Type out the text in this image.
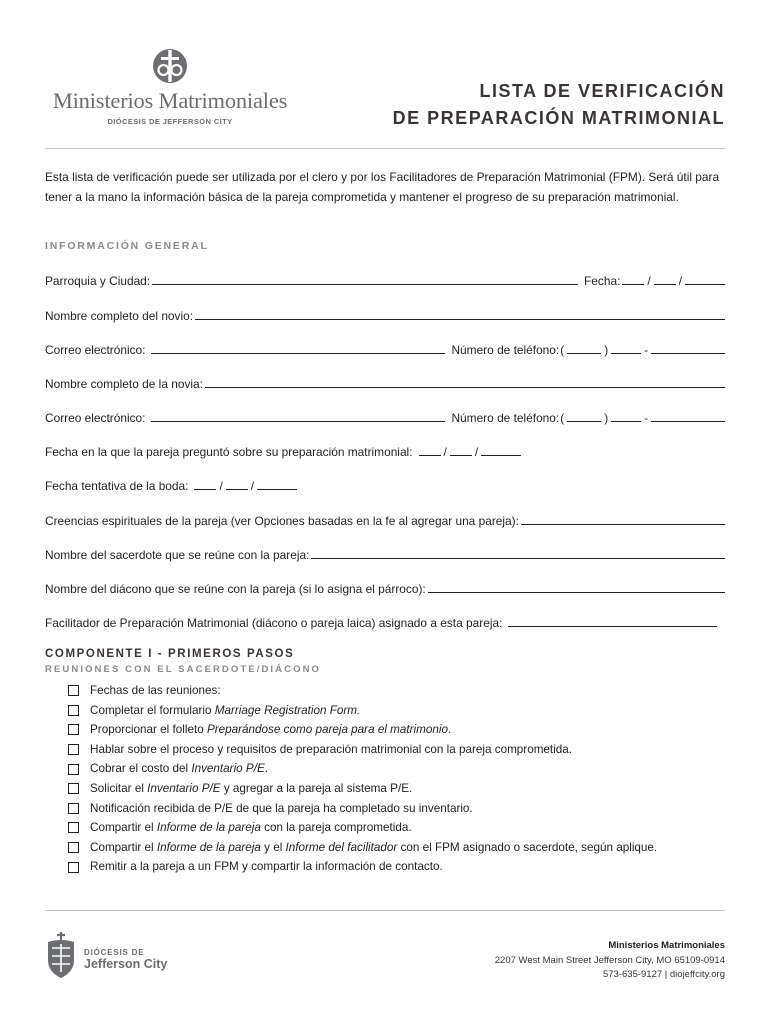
Ministerios Matrimoniales
DIÓCESIS DE JEFFERSON CITY
LISTA DE VERIFICACIÓN
DE PREPARACIÓN MATRIMONIAL
Esta lista de verificación puede ser utilizada por el clero y por los Facilitadores de Preparación Matrimonial (FPM). Será útil para tener a la mano la información básica de la pareja comprometida y mantener el progreso de su preparación matrimonial.
INFORMACIÓN GENERAL
Parroquia y Ciudad:	Fecha: / /
Nombre completo del novio:
Correo electrónico:	Número de teléfono: (	)	-
Nombre completo de la novia:
Correo electrónico:	Número de teléfono: (	)	-
Fecha en la que la pareja preguntó sobre su preparación matrimonial:	/ /
Fecha tentativa de la boda:	/ /
Creencias espirituales de la pareja (ver Opciones basadas en la fe al agregar una pareja):
Nombre del sacerdote que se reúne con la pareja:
Nombre del diácono que se reúne con la pareja (si lo asigna el párroco):
Facilitador de Preparación Matrimonial (diácono o pareja laica) asignado a esta pareja:
COMPONENTE I - PRIMEROS PASOS
REUNIONES CON EL SACERDOTE/DIÁCONO
Fechas de las reuniones:
Completar el formulario Marriage Registration Form.
Proporcionar el folleto Preparándose como pareja para el matrimonio.
Hablar sobre el proceso y requisitos de preparación matrimonial con la pareja comprometida.
Cobrar el costo del Inventario P/E.
Solicitar el Inventario P/E y agregar a la pareja al sistema P/E.
Notificación recibida de P/E de que la pareja ha completado su inventario.
Compartir el Informe de la pareja con la pareja comprometida.
Compartir el Informe de la pareja y el Informe del facilitador con el FPM asignado o sacerdote, según aplique.
Remitir a la pareja a un FPM y compartir la información de contacto.
DIÓCESIS DE
Jefferson City
Ministerios Matrimoniales
2207 West Main Street Jefferson City, MO 65109-0914
573-635-9127 | diojeffcity.org
